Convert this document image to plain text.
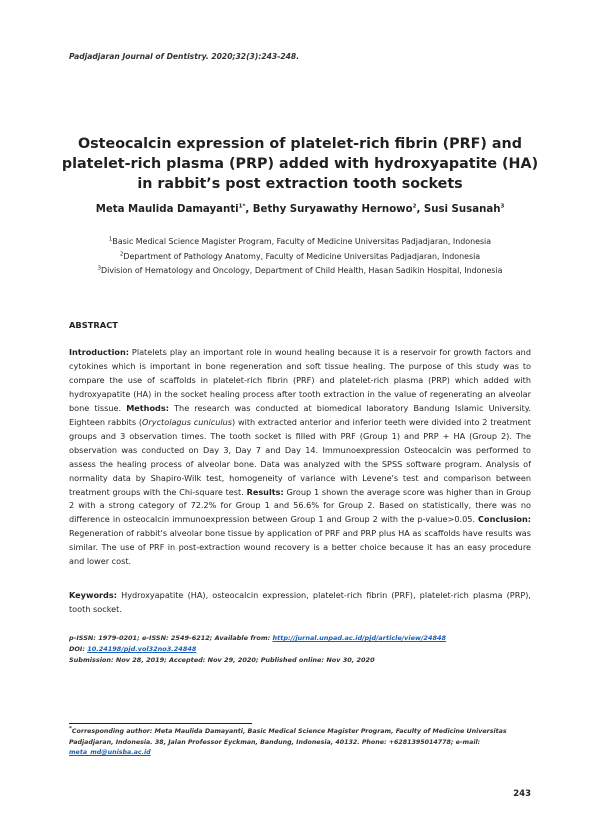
Padjadjaran Journal of Dentistry. 2020;32(3):243-248.
Osteocalcin expression of platelet-rich fibrin (PRF) and platelet-rich plasma (PRP) added with hydroxyapatite (HA) in rabbit’s post extraction tooth sockets
Meta Maulida Damayanti$^{1*}$, Bethy Suryawathy Hernowo$^2$, Susi Susanah$^3$
$^1$Basic Medical Science Magister Program, Faculty of Medicine Universitas Padjadjaran, Indonesia
$^2$Department of Pathology Anatomy, Faculty of Medicine Universitas Padjadjaran, Indonesia
$^3$Division of Hematology and Oncology, Department of Child Health, Hasan Sadikin Hospital, Indonesia
ABSTRACT
Introduction: Platelets play an important role in wound healing because it is a reservoir for growth factors and cytokines which is important in bone regeneration and soft tissue healing. The purpose of this study was to compare the use of scaffolds in platelet-rich fibrin (PRF) and platelet-rich plasma (PRP) which added with hydroxyapatite (HA) in the socket healing process after tooth extraction in the value of regenerating an alveolar bone tissue. Methods: The research was conducted at biomedical laboratory Bandung Islamic University. Eighteen rabbits (Oryctolagus cuniculus) with extracted anterior and inferior teeth were divided into 2 treatment groups and 3 observation times. The tooth socket is filled with PRF (Group 1) and PRP + HA (Group 2). The observation was conducted on Day 3, Day 7 and Day 14. Immunoexpression Osteocalcin was performed to assess the healing process of alveolar bone. Data was analyzed with the SPSS software program. Analysis of normality data by Shapiro-Wilk test, homogeneity of variance with Levene's test and comparison between treatment groups with the Chi-square test. Results: Group 1 shown the average score was higher than in Group 2 with a strong category of 72.2% for Group 1 and 56.6% for Group 2. Based on statistically, there was no difference in osteocalcin immunoexpression between Group 1 and Group 2 with the p-value>0.05. Conclusion: Regeneration of rabbit's alveolar bone tissue by application of PRF and PRP plus HA as scaffolds have results was similar. The use of PRF in post-extraction wound recovery is a better choice because it has an easy procedure and lower cost.
Keywords: Hydroxyapatite (HA), osteocalcin expression, platelet-rich fibrin (PRF), platelet-rich plasma (PRP), tooth socket.
p-ISSN: 1979-0201; e-ISSN: 2549-6212; Available from: http://jurnal.unpad.ac.id/pjd/article/view/24848
DOI: 10.24198/pjd.vol32no3.24848
Submission: Nov 28, 2019; Accepted: Nov 29, 2020; Published online: Nov 30, 2020
*Corresponding author: Meta Maulida Damayanti, Basic Medical Science Magister Program, Faculty of Medicine Universitas Padjadjaran, Indonesia. 38, Jalan Professor Eyckman, Bandung, Indonesia, 40132. Phone: +6281395014778; e-mail: meta_md@unisba.ac.id
243
